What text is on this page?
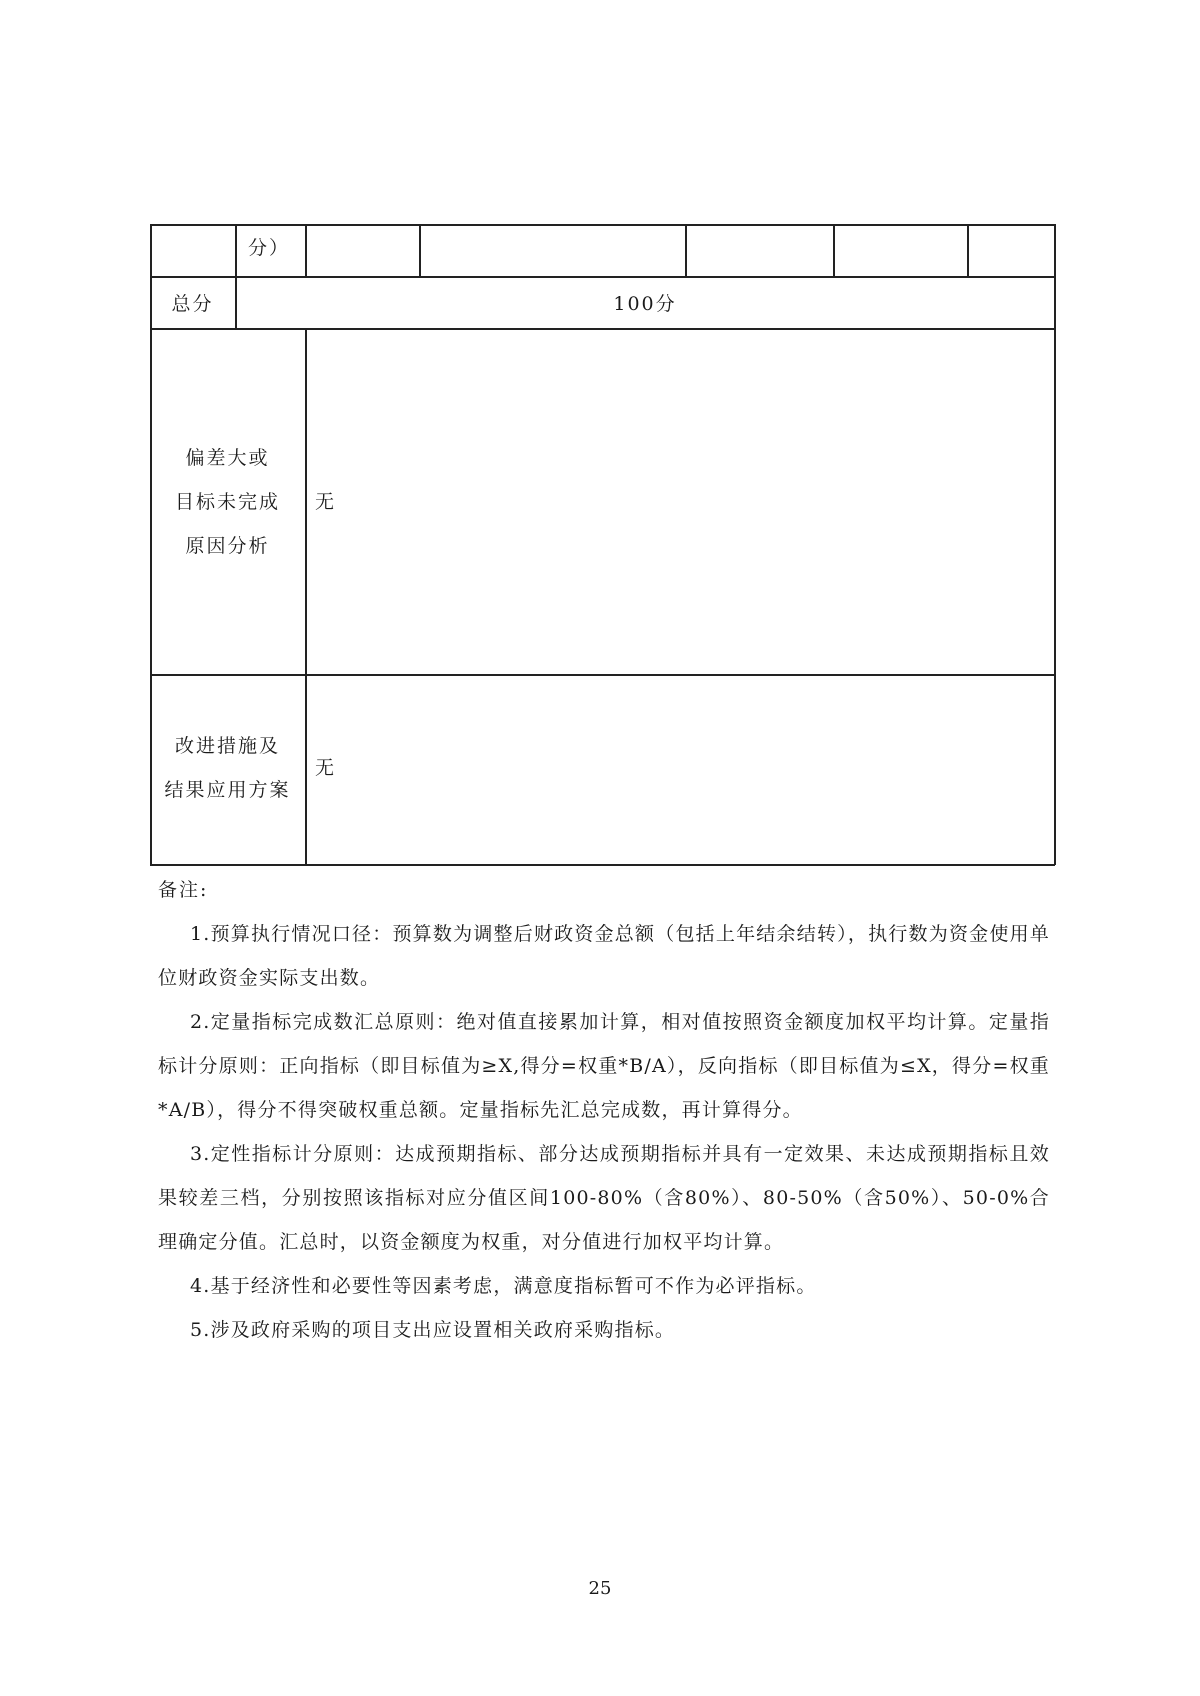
分）
总分	100分
偏差大或
目标未完成
原因分析
无
改进措施及
结果应用方案
无
备注:

1.预算执行情况口径：预算数为调整后财政资金总额（包括上年结余结转），执行数为资金使用单位财政资金实际支出数。

2.定量指标完成数汇总原则：绝对值直接累加计算，相对值按照资金额度加权平均计算。定量指标计分原则：正向指标（即目标值为≥X,得分=权重*B/A），反向指标（即目标值为≤X，得分=权重*A/B），得分不得突破权重总额。定量指标先汇总完成数，再计算得分。

3.定性指标计分原则：达成预期指标、部分达成预期指标并具有一定效果、未达成预期指标且效果较差三档，分别按照该指标对应分值区间100-80%（含80%）、80-50%（含50%）、50-0%合理确定分值。汇总时，以资金额度为权重，对分值进行加权平均计算。

4.基于经济性和必要性等因素考虑，满意度指标暂可不作为必评指标。

5.涉及政府采购的项目支出应设置相关政府采购指标。

25
